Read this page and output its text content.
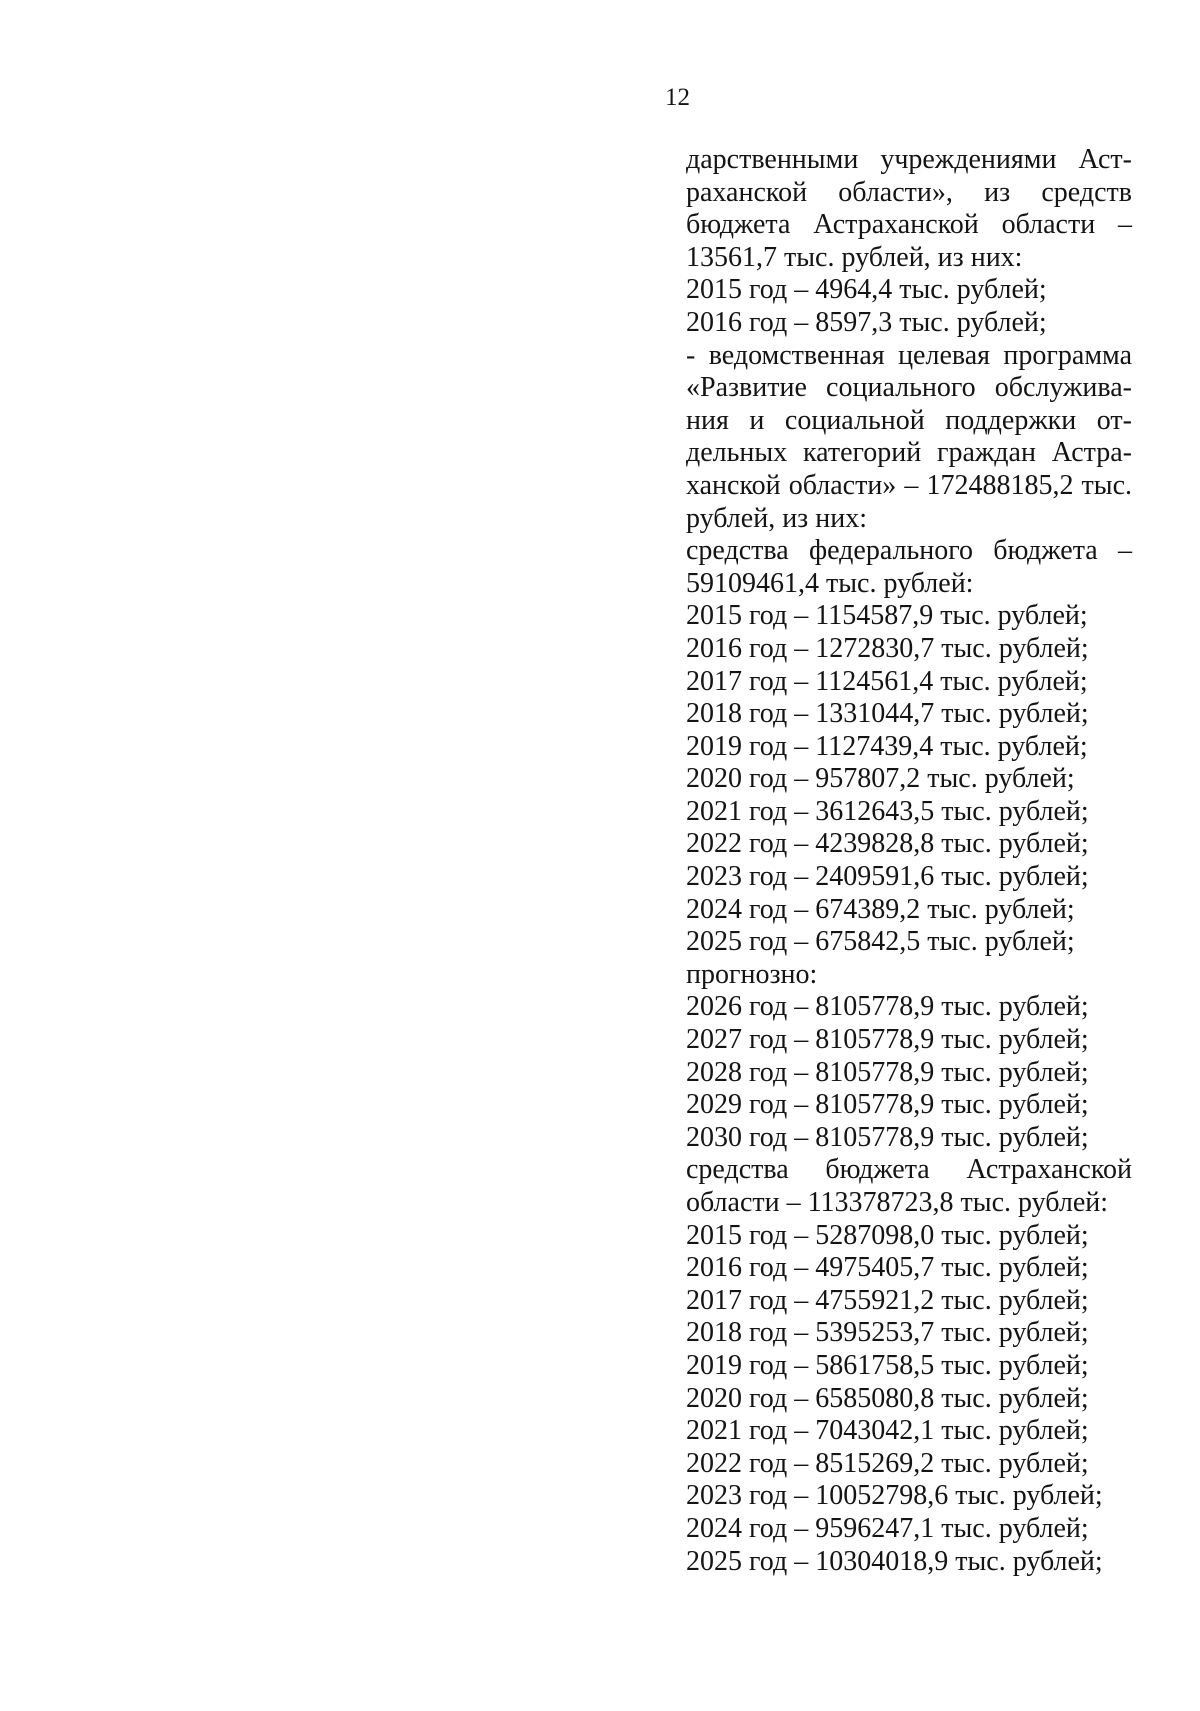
12
дарственными учреждениями Аст-
раханской области», из средств
бюджета Астраханской области –
13561,7 тыс. рублей, из них:
2015 год – 4964,4 тыс. рублей;
2016 год – 8597,3 тыс. рублей;
- ведомственная целевая программа
«Развитие социального обслужива-
ния и социальной поддержки от-
дельных категорий граждан Астра-
ханской области» – 172488185,2 тыс.
рублей, из них:
средства федерального бюджета –
59109461,4 тыс. рублей:
2015 год – 1154587,9 тыс. рублей;
2016 год – 1272830,7 тыс. рублей;
2017 год – 1124561,4 тыс. рублей;
2018 год – 1331044,7 тыс. рублей;
2019 год – 1127439,4 тыс. рублей;
2020 год – 957807,2 тыс. рублей;
2021 год – 3612643,5 тыс. рублей;
2022 год – 4239828,8 тыс. рублей;
2023 год – 2409591,6 тыс. рублей;
2024 год – 674389,2 тыс. рублей;
2025 год – 675842,5 тыс. рублей;
прогнозно:
2026 год – 8105778,9 тыс. рублей;
2027 год – 8105778,9 тыс. рублей;
2028 год – 8105778,9 тыс. рублей;
2029 год – 8105778,9 тыс. рублей;
2030 год – 8105778,9 тыс. рублей;
средства бюджета Астраханской
области – 113378723,8 тыс. рублей:
2015 год – 5287098,0 тыс. рублей;
2016 год – 4975405,7 тыс. рублей;
2017 год – 4755921,2 тыс. рублей;
2018 год – 5395253,7 тыс. рублей;
2019 год – 5861758,5 тыс. рублей;
2020 год – 6585080,8 тыс. рублей;
2021 год – 7043042,1 тыс. рублей;
2022 год – 8515269,2 тыс. рублей;
2023 год – 10052798,6 тыс. рублей;
2024 год – 9596247,1 тыс. рублей;
2025 год – 10304018,9 тыс. рублей;
